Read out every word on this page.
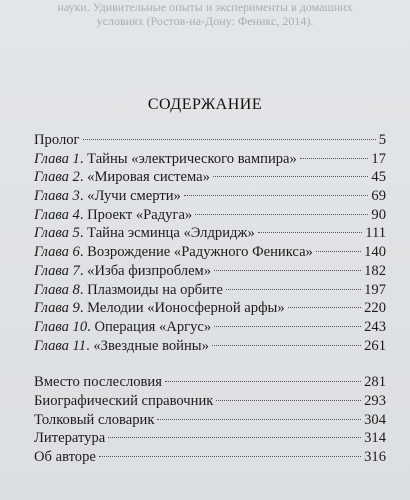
науки. Удивительные опыты и эксперименты в домашних
условиях (Ростов-на-Дону: Феникс, 2014).
СОДЕРЖАНИЕ
Пролог	5
Глава 1. Тайны «электрического вампира»	17
Глава 2. «Мировая система»	45
Глава 3. «Лучи смерти»	69
Глава 4. Проект «Радуга»	90
Глава 5. Тайна эсминца «Элдридж»	111
Глава 6. Возрождение «Радужного Феникса»	140
Глава 7. «Изба физпроблем»	182
Глава 8. Плазмоиды на орбите	197
Глава 9. Мелодии «Ионосферной арфы»	220
Глава 10. Операция «Аргус»	243
Глава 11. «Звездные войны»	261
Вместо послесловия	281
Биографический справочник	293
Толковый словарик	304
Литература	314
Об авторе	316
